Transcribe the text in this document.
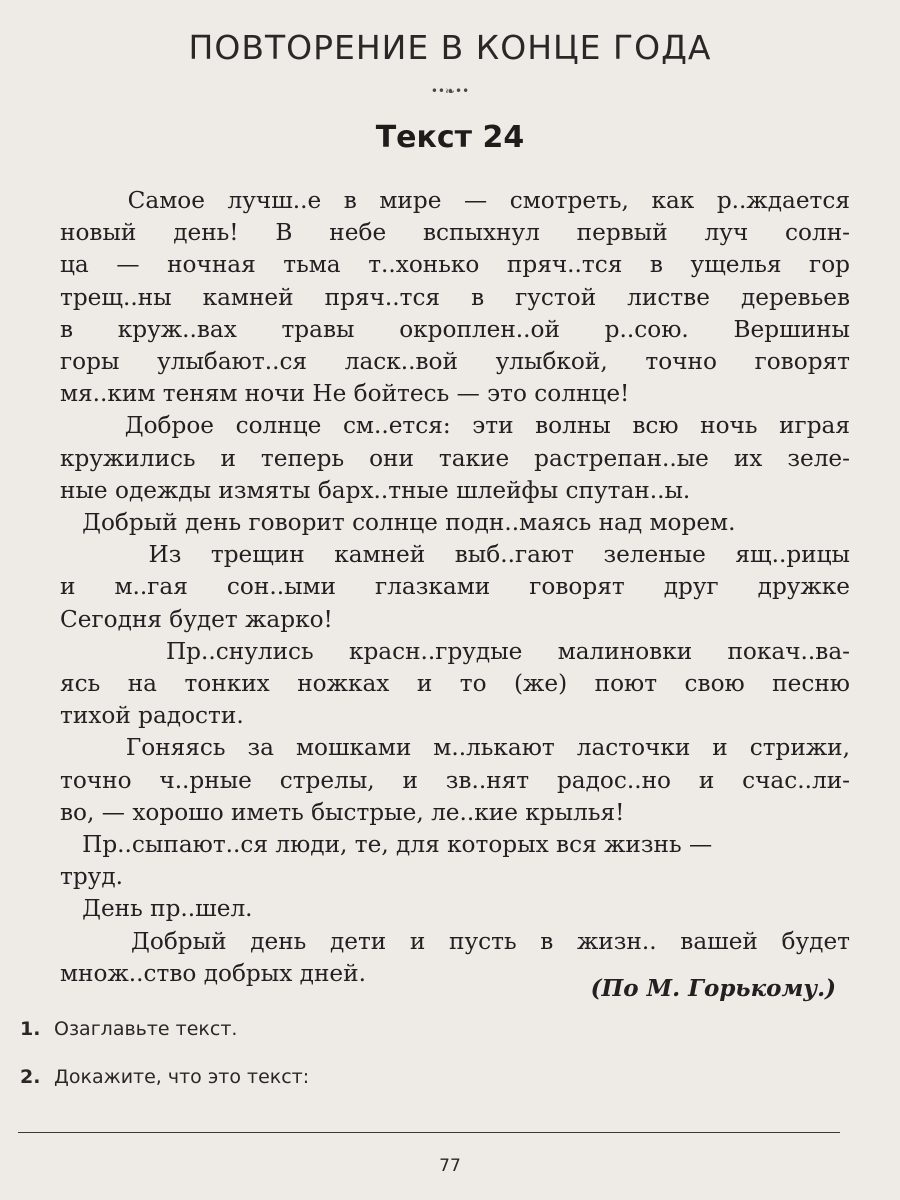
ПОВТОРЕНИЕ В КОНЦЕ ГОДА
••❧••
Текст 24
Самое лучш..е в мире — смотреть, как р..ждается
новый день! В небе вспыхнул первый луч солн-
ца — ночная тьма т..хонько пряч..тся в ущелья гор
трещ..ны камней пряч..тся в густой листве деревьев
в круж..вах травы окроплен..ой р..сою. Вершины
горы улыбают..ся ласк..вой улыбкой, точно говорят
мя..ким теням ночи Не бойтесь — это солнце!
Доброе солнце см..ется: эти волны всю ночь играя
кружились и теперь они такие растрепан..ые их зеле-
ные одежды измяты барх..тные шлейфы спутан..ы.
Добрый день говорит солнце подн..маясь над морем.
Из трещин камней выб..гают зеленые ящ..рицы
и м..гая сон..ыми глазками говорят друг дружке
Сегодня будет жарко!
Пр..снулись красн..грудые малиновки покач..ва-
ясь на тонких ножках и то (же) поют свою песню
тихой радости.
Гоняясь за мошками м..лькают ласточки и стрижи,
точно ч..рные стрелы, и зв..нят радос..но и счас..ли-
во, — хорошо иметь быстрые, ле..кие крылья!
Пр..сыпают..ся люди, те, для которых вся жизнь —
труд.
День пр..шел.
Добрый день дети и пусть в жизн.. вашей будет
множ..ство добрых дней.
(По М. Горькому.)
1. Озаглавьте текст.
2. Докажите, что это текст:
77
